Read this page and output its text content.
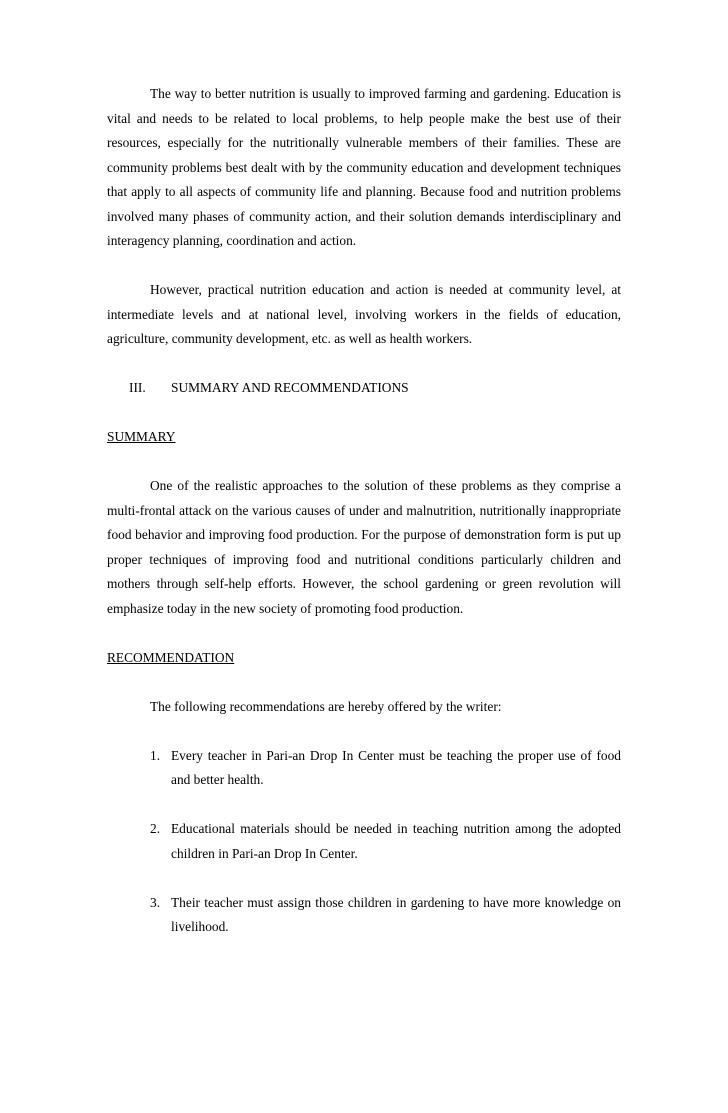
The way to better nutrition is usually to improved farming and gardening. Education is vital and needs to be related to local problems, to help people make the best use of their resources, especially for the nutritionally vulnerable members of their families. These are community problems best dealt with by the community education and development techniques that apply to all aspects of community life and planning. Because food and nutrition problems involved many phases of community action, and their solution demands interdisciplinary and interagency planning, coordination and action.

However, practical nutrition education and action is needed at community level, at intermediate levels and at national level, involving workers in the fields of education, agriculture, community development, etc. as well as health workers.

III.	SUMMARY AND RECOMMENDATIONS
SUMMARY

One of the realistic approaches to the solution of these problems as they comprise a multi-frontal attack on the various causes of under and malnutrition, nutritionally inappropriate food behavior and improving food production. For the purpose of demonstration form is put up proper techniques of improving food and nutritional conditions particularly children and mothers through self-help efforts. However, the school gardening or green revolution will emphasize today in the new society of promoting food production.

RECOMMENDATION
The following recommendations are hereby offered by the writer:
1. Every teacher in Pari-an Drop In Center must be teaching the proper use of food and better health.
2. Educational materials should be needed in teaching nutrition among the adopted children in Pari-an Drop In Center.
3. Their teacher must assign those children in gardening to have more knowledge on livelihood.
